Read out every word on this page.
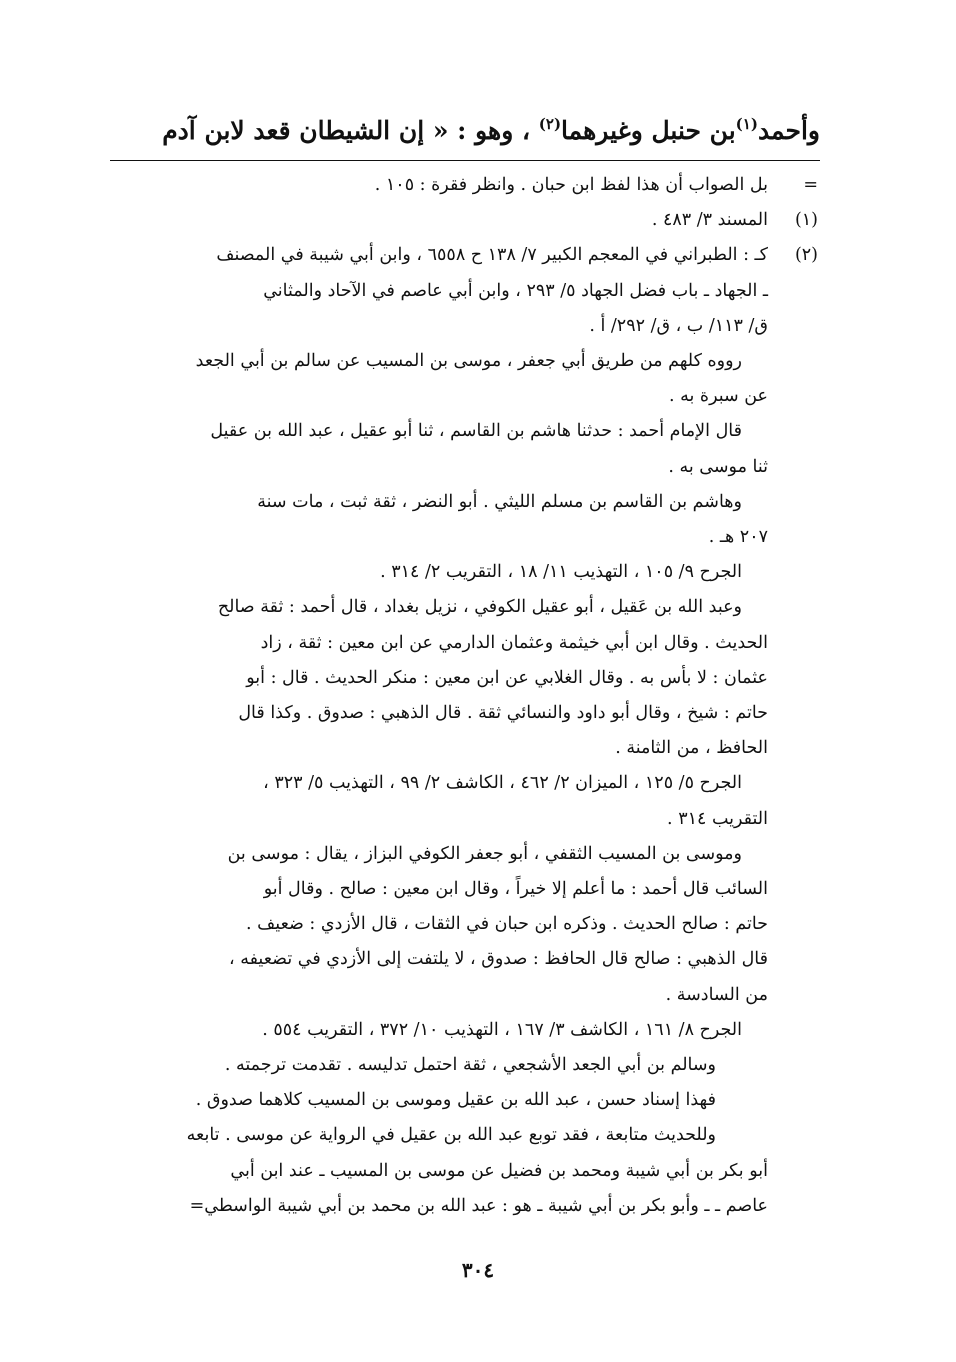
وأحمد$^{(١)}$بن حنبل وغيرهما$^{(٢)}$ ، وهو : « إن الشيطان قعد لابن آدم
=
بل الصواب أن هذا لفظ ابن حبان . وانظر فقرة : ١٠٥ .
(١)
المسند ٣/ ٤٨٣ .
(٢)
كـ : الطبراني في المعجم الكبير ٧/ ١٣٨ ح ٦٥٥٨ ، وابن أبي شيبة في المصنف
ـ الجهاد ـ باب فضل الجهاد ٥/ ٢٩٣ ، وابن أبي عاصم في الآحاد والمثاني
ق/ ١١٣/ ب ، ق/ ٢٩٢/ أ .
رووه كلهم من طريق أبي جعفر ، موسى بن المسيب عن سالم بن أبي الجعد
عن سبرة به .
قال الإمام أحمد : حدثنا هاشم بن القاسم ، ثنا أبو عقيل ، عبد الله بن عقيل
ثنا موسى به .
وهاشم بن القاسم بن مسلم الليثي . أبو النضر ، ثقة ثبت ، مات سنة
٢٠٧ هـ .
الجرح ٩/ ١٠٥ ، التهذيب ١١/ ١٨ ، التقريب ٢/ ٣١٤ .
وعبد الله بن عَقيل ، أبو عقيل الكوفي ، نزيل بغداد ، قال أحمد : ثقة صالح
الحديث . وقال ابن أبي خيثمة وعثمان الدارمي عن ابن معين : ثقة ، زاد
عثمان : لا بأس به . وقال الغلابي عن ابن معين : منكر الحديث . قال : أبو
حاتم : شيخ ، وقال أبو داود والنسائي ثقة . قال الذهبي : صدوق . وكذا قال
الحافظ ، من الثامنة .
الجرح ٥/ ١٢٥ ، الميزان ٢/ ٤٦٢ ، الكاشف ٢/ ٩٩ ، التهذيب ٥/ ٣٢٣ ،
التقريب ٣١٤ .
وموسى بن المسيب الثقفي ، أبو جعفر الكوفي البزاز ، يقال : موسى بن
السائب قال أحمد : ما أعلم إلا خيراً ، وقال ابن معين : صالح . وقال أبو
حاتم : صالح الحديث . وذكره ابن حبان في الثقات ، قال الأزدي : ضعيف .
قال الذهبي : صالح قال الحافظ : صدوق ، لا يلتفت إلى الأزدي في تضعيفه ،
من السادسة .
الجرح ٨/ ١٦١ ، الكاشف ٣/ ١٦٧ ، التهذيب ١٠/ ٣٧٢ ، التقريب ٥٥٤ .
وسالم بن أبي الجعد الأشجعي ، ثقة احتمل تدليسه . تقدمت ترجمته .
فهذا إسناد حسن ، عبد الله بن عقيل وموسى بن المسيب كلاهما صدوق .
وللحديث متابعة ، فقد توبع عبد الله بن عقيل في الرواية عن موسى . تابعه
أبو بكر بن أبي شيبة ومحمد بن فضيل عن موسى بن المسيب ـ عند ابن أبي
عاصم ـ ـ وأبو بكر بن أبي شيبة ـ هو : عبد الله بن محمد بن أبي شيبة الواسطي=
٣٠٤
